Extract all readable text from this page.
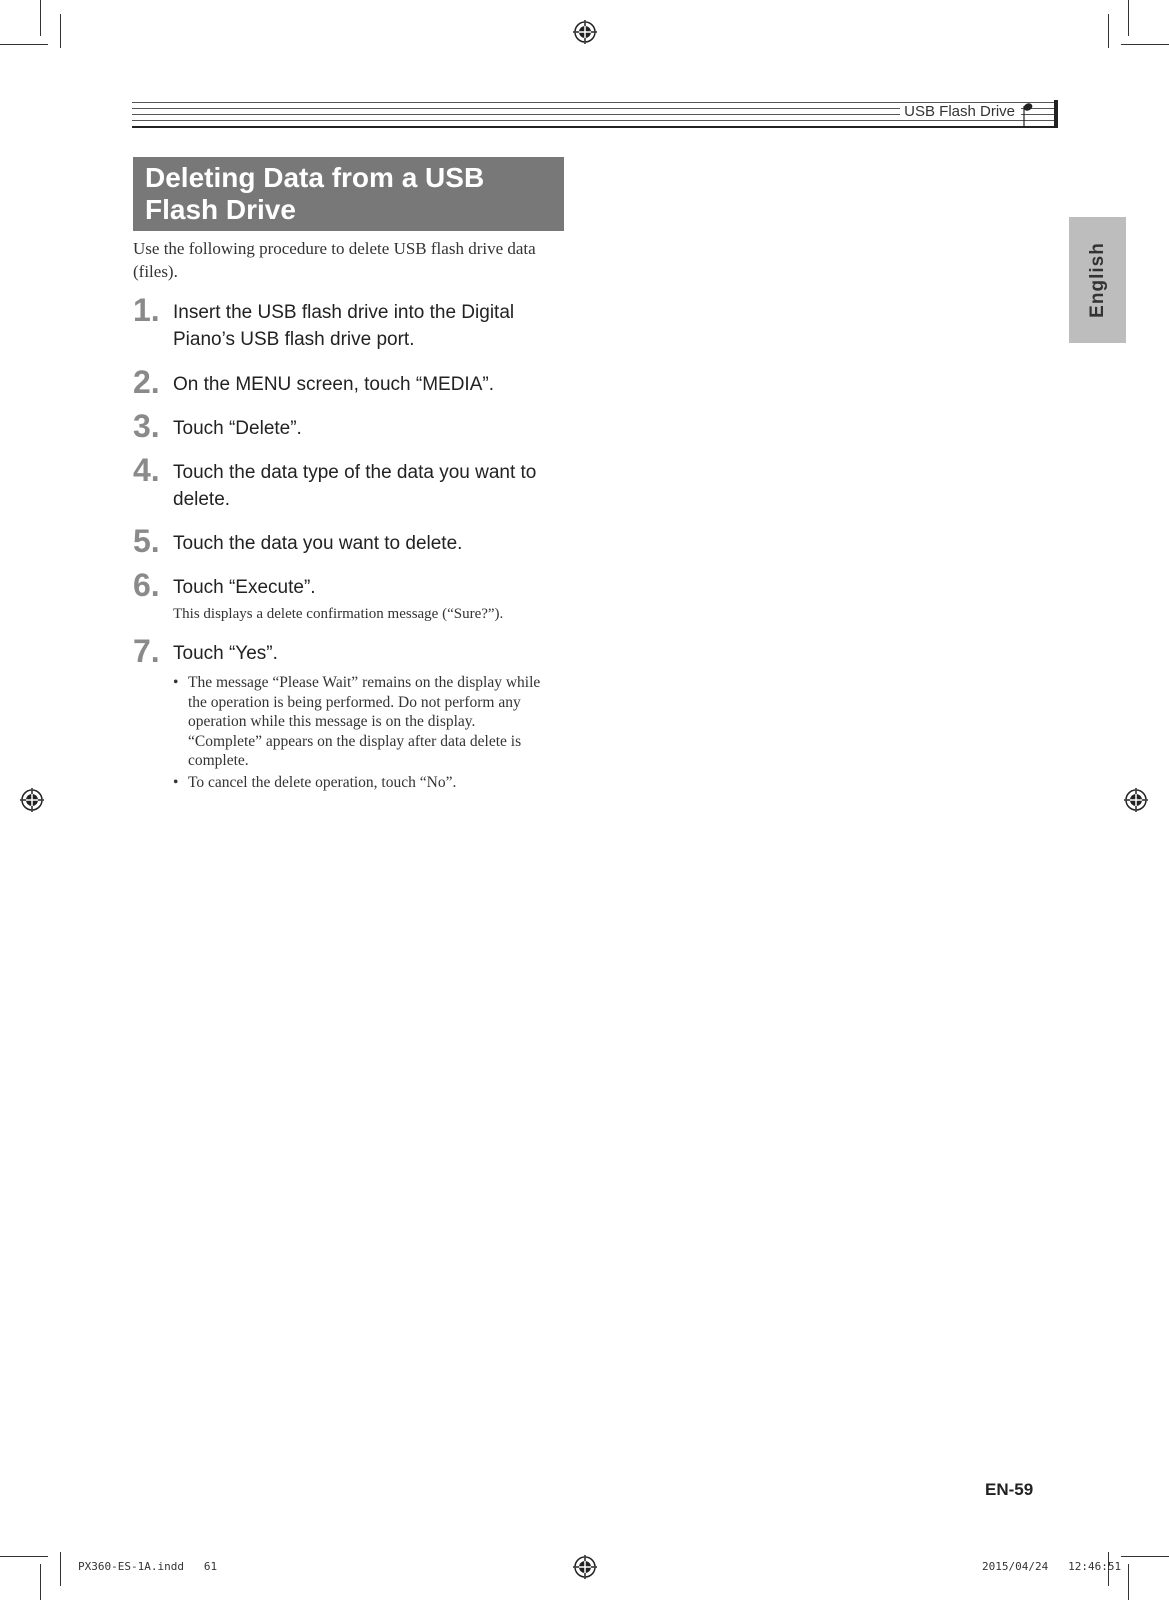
USB Flash Drive
English
Deleting Data from a USB
Flash Drive
Use the following procedure to delete USB flash drive data (files).
1. Insert the USB flash drive into the Digital Piano’s USB flash drive port.
2. On the MENU screen, touch “MEDIA”.
3. Touch “Delete”.
4. Touch the data type of the data you want to delete.
5. Touch the data you want to delete.
6. Touch “Execute”.
This displays a delete confirmation message (“Sure?”).
7. Touch “Yes”.
• The message “Please Wait” remains on the display while the operation is being performed. Do not perform any operation while this message is on the display. “Complete” appears on the display after data delete is complete.
• To cancel the delete operation, touch “No”.
EN-59
PX360-ES-1A.indd   61	2015/04/24   12:46:51
